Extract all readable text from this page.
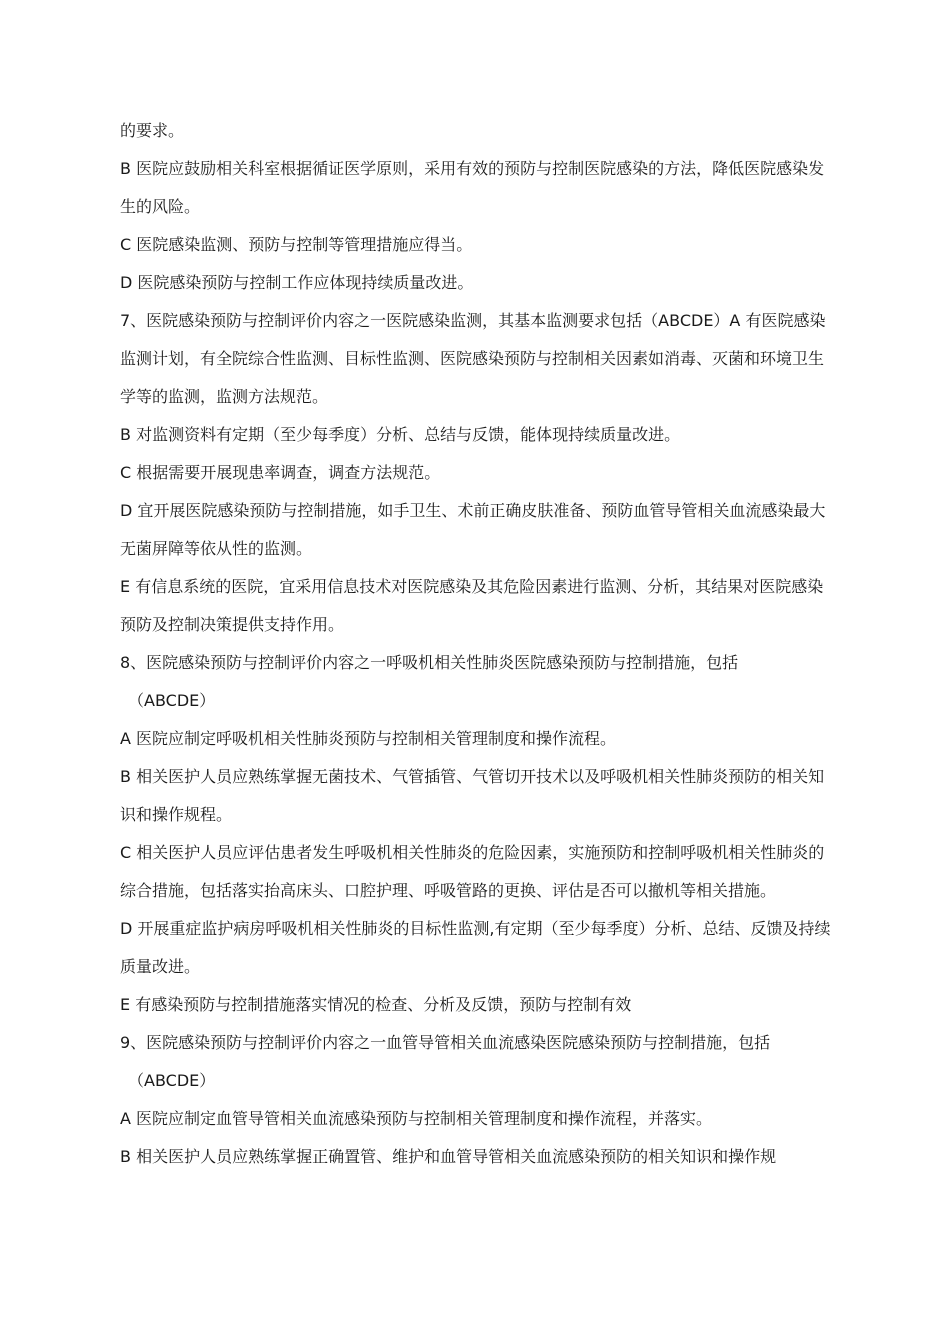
的要求。

B 医院应鼓励相关科室根据循证医学原则，采用有效的预防与控制医院感染的方法，降低医院感染发生的风险。

C 医院感染监测、预防与控制等管理措施应得当。

D 医院感染预防与控制工作应体现持续质量改进。

7、医院感染预防与控制评价内容之一医院感染监测，其基本监测要求包括（ABCDE）A 有医院感染监测计划，有全院综合性监测、目标性监测、医院感染预防与控制相关因素如消毒、灭菌和环境卫生学等的监测，监测方法规范。

B 对监测资料有定期（至少每季度）分析、总结与反馈，能体现持续质量改进。

C 根据需要开展现患率调查，调查方法规范。

D 宜开展医院感染预防与控制措施，如手卫生、术前正确皮肤准备、预防血管导管相关血流感染最大无菌屏障等依从性的监测。

E 有信息系统的医院，宜采用信息技术对医院感染及其危险因素进行监测、分析，其结果对医院感染预防及控制决策提供支持作用。

8、医院感染预防与控制评价内容之一呼吸机相关性肺炎医院感染预防与控制措施，包括

（ABCDE）

A 医院应制定呼吸机相关性肺炎预防与控制相关管理制度和操作流程。

B 相关医护人员应熟练掌握无菌技术、气管插管、气管切开技术以及呼吸机相关性肺炎预防的相关知识和操作规程。

C 相关医护人员应评估患者发生呼吸机相关性肺炎的危险因素，实施预防和控制呼吸机相关性肺炎的综合措施，包括落实抬高床头、口腔护理、呼吸管路的更换、评估是否可以撤机等相关措施。

D 开展重症监护病房呼吸机相关性肺炎的目标性监测,有定期（至少每季度）分析、总结、反馈及持续质量改进。

E 有感染预防与控制措施落实情况的检查、分析及反馈，预防与控制有效

9、医院感染预防与控制评价内容之一血管导管相关血流感染医院感染预防与控制措施，包括

（ABCDE）

A 医院应制定血管导管相关血流感染预防与控制相关管理制度和操作流程，并落实。

B 相关医护人员应熟练掌握正确置管、维护和血管导管相关血流感染预防的相关知识和操作规
